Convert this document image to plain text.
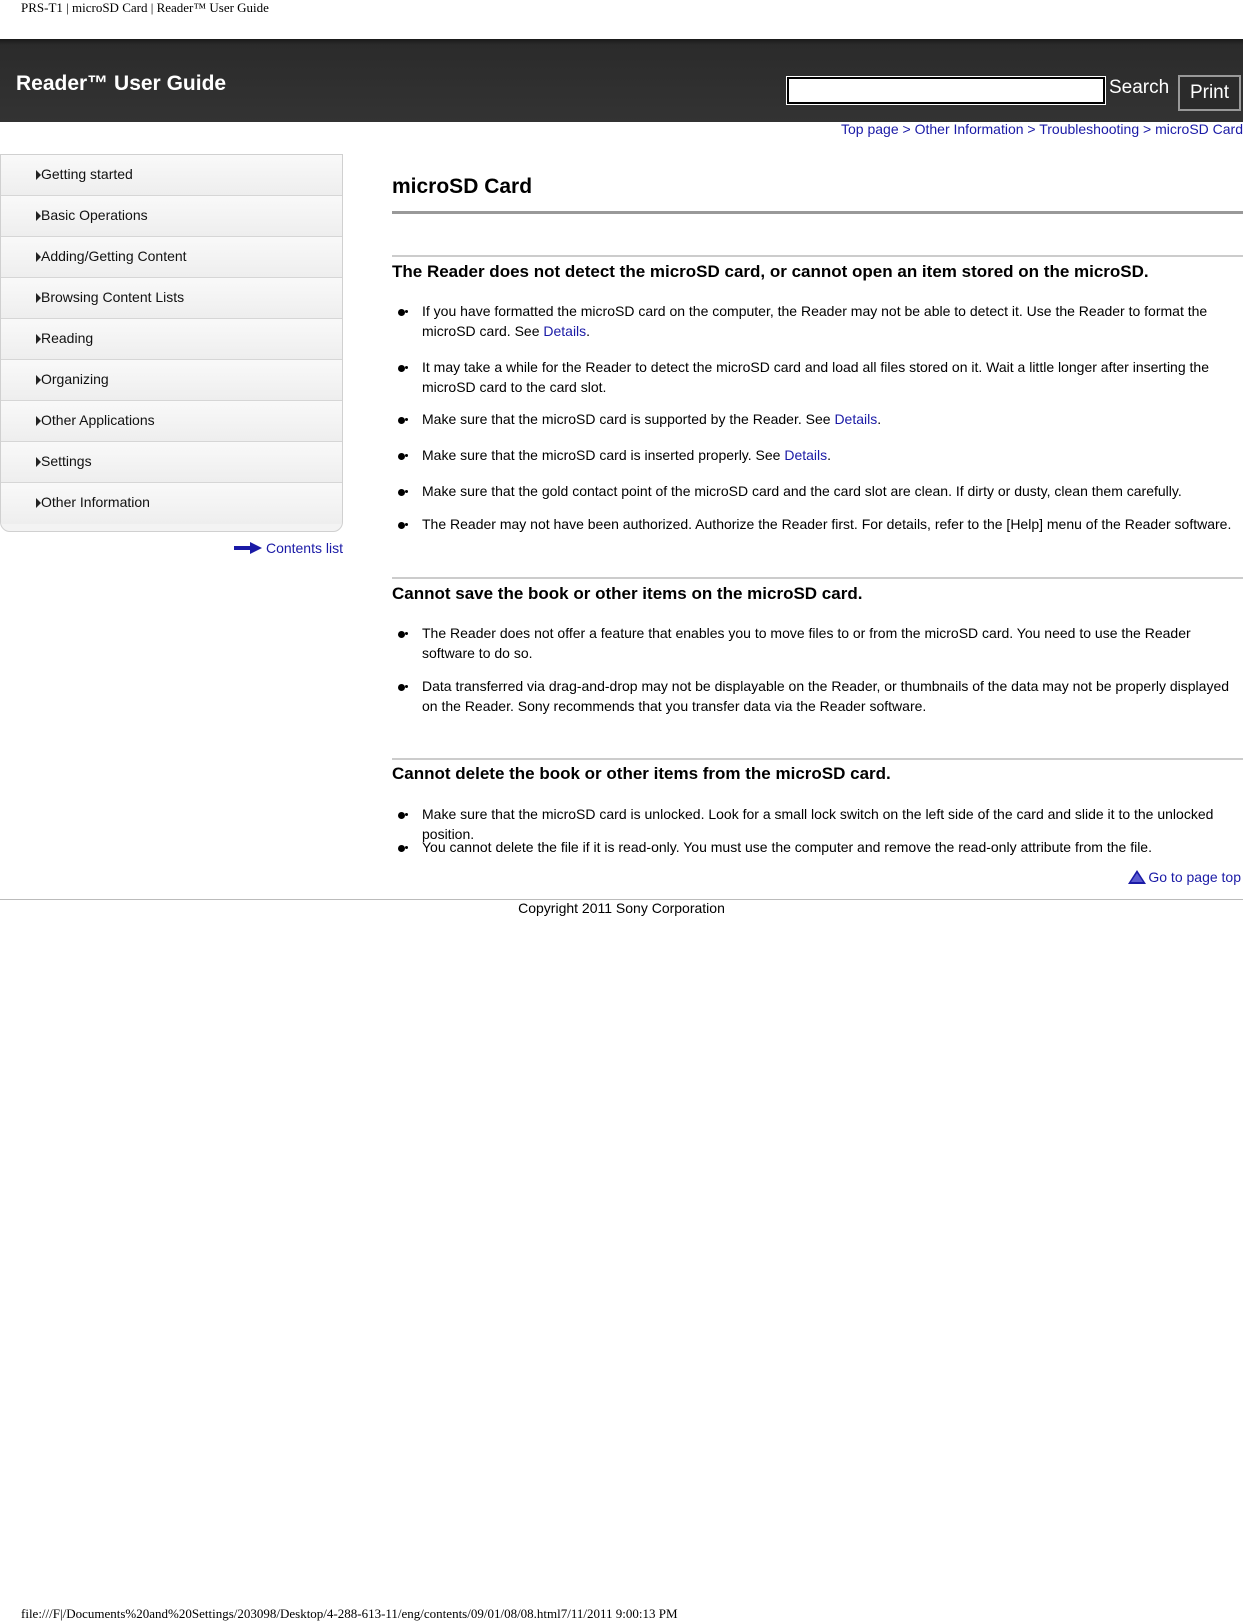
PRS-T1 | microSD Card | Reader™ User Guide
Reader™ User Guide	Search	Print
Top page > Other Information > Troubleshooting > microSD Card
Getting started
Basic Operations
Adding/Getting Content
Browsing Content Lists
Reading
Organizing
Other Applications
Settings
Other Information
Contents list
microSD Card
The Reader does not detect the microSD card, or cannot open an item stored on the microSD.
If you have formatted the microSD card on the computer, the Reader may not be able to detect it. Use the Reader to format the microSD card. See Details.
It may take a while for the Reader to detect the microSD card and load all files stored on it. Wait a little longer after inserting the microSD card to the card slot.
Make sure that the microSD card is supported by the Reader. See Details.
Make sure that the microSD card is inserted properly. See Details.
Make sure that the gold contact point of the microSD card and the card slot are clean. If dirty or dusty, clean them carefully.
The Reader may not have been authorized. Authorize the Reader first. For details, refer to the [Help] menu of the Reader software.
Cannot save the book or other items on the microSD card.
The Reader does not offer a feature that enables you to move files to or from the microSD card. You need to use the Reader software to do so.
Data transferred via drag-and-drop may not be displayable on the Reader, or thumbnails of the data may not be properly displayed on the Reader. Sony recommends that you transfer data via the Reader software.
Cannot delete the book or other items from the microSD card.
Make sure that the microSD card is unlocked. Look for a small lock switch on the left side of the card and slide it to the unlocked position.
You cannot delete the file if it is read-only. You must use the computer and remove the read-only attribute from the file.
Go to page top
Copyright 2011 Sony Corporation
file:///F|/Documents%20and%20Settings/203098/Desktop/4-288-613-11/eng/contents/09/01/08/08.html7/11/2011 9:00:13 PM
